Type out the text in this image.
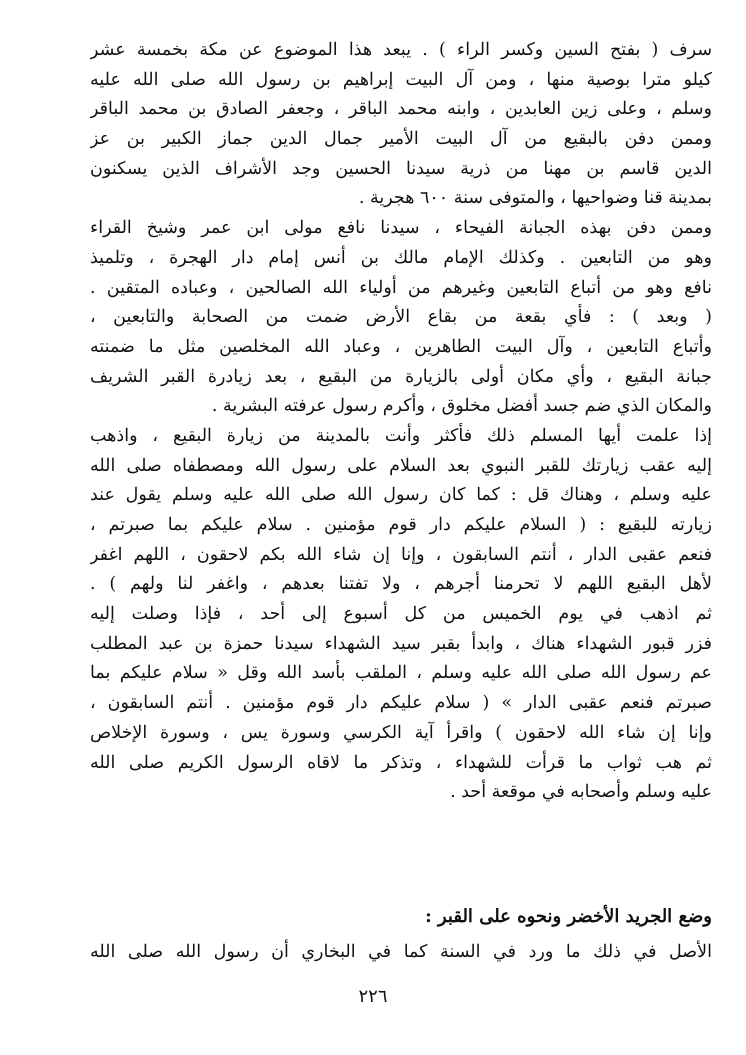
سرف ( بفتح السين وكسر الراء ) . يبعد هذا الموضوع عن مكة بخمسة عشر
كيلو مترا بوصية منها ، ومن آل البيت إبراهيم بن رسول الله صلى الله عليه
وسلم ، وعلى زين العابدين ، وابنه محمد الباقر ، وجعفر الصادق بن محمد الباقر
وممن دفن بالبقيع من آل البيت الأمير جمال الدين جماز الكبير بن عز
الدين قاسم بن مهنا من ذرية سيدنا الحسين وجد الأشراف الذين يسكنون
بمدينة قنا وضواحيها ، والمتوفى سنة ٦٠٠ هجرية .
وممن دفن بهذه الجبانة الفيحاء ، سيدنا نافع مولى ابن عمر وشيخ القراء
وهو من التابعين . وكذلك الإمام مالك بن أنس إمام دار الهجرة ، وتلميذ
نافع وهو من أتباع التابعين وغيرهم من أولياء الله الصالحين ، وعباده المتقين .
( وبعد ) : فأي بقعة من بقاع الأرض ضمت من الصحابة والتابعين ،
وأتباع التابعين ، وآل البيت الطاهرين ، وعباد الله المخلصين مثل ما ضمنته
جبانة البقيع ، وأي مكان أولى بالزيارة من البقيع ، بعد زيادرة القبر الشريف
والمكان الذي ضم جسد أفضل مخلوق ، وأكرم رسول عرفته البشرية .
إذا علمت أيها المسلم ذلك فأكثر وأنت بالمدينة من زيارة البقيع ، واذهب
إليه عقب زيارتك للقبر النبوي بعد السلام على رسول الله ومصطفاه صلى الله
عليه وسلم ، وهناك قل : كما كان رسول الله صلى الله عليه وسلم يقول عند
زيارته للبقيع : ( السلام عليكم دار قوم مؤمنين . سلام عليكم بما صبرتم ،
فنعم عقبى الدار ، أنتم السابقون ، وإنا إن شاء الله بكم لاحقون ، اللهم اغفر
لأهل البقيع اللهم لا تحرمنا أجرهم ، ولا تفتنا بعدهم ، واغفر لنا ولهم ) .
ثم اذهب في يوم الخميس من كل أسبوع إلى أحد ، فإذا وصلت إليه
فزر قبور الشهداء هناك ، وابدأ بقبر سيد الشهداء سيدنا حمزة بن عبد المطلب
عم رسول الله صلى الله عليه وسلم ، الملقب بأسد الله وقل « سلام عليكم بما
صبرتم فنعم عقبى الدار » ( سلام عليكم دار قوم مؤمنين . أنتم السابقون ،
وإنا إن شاء الله لاحقون ) واقرأ آية الكرسي وسورة يس ، وسورة الإخلاص
ثم هب ثواب ما قرأت للشهداء ، وتذكر ما لاقاه الرسول الكريم صلى الله
عليه وسلم وأصحابه في موقعة أحد .
وضع الجريد الأخضر ونحوه على القبر :
الأصل في ذلك ما ورد في السنة كما في البخاري أن رسول الله صلى الله
٢٢٦
